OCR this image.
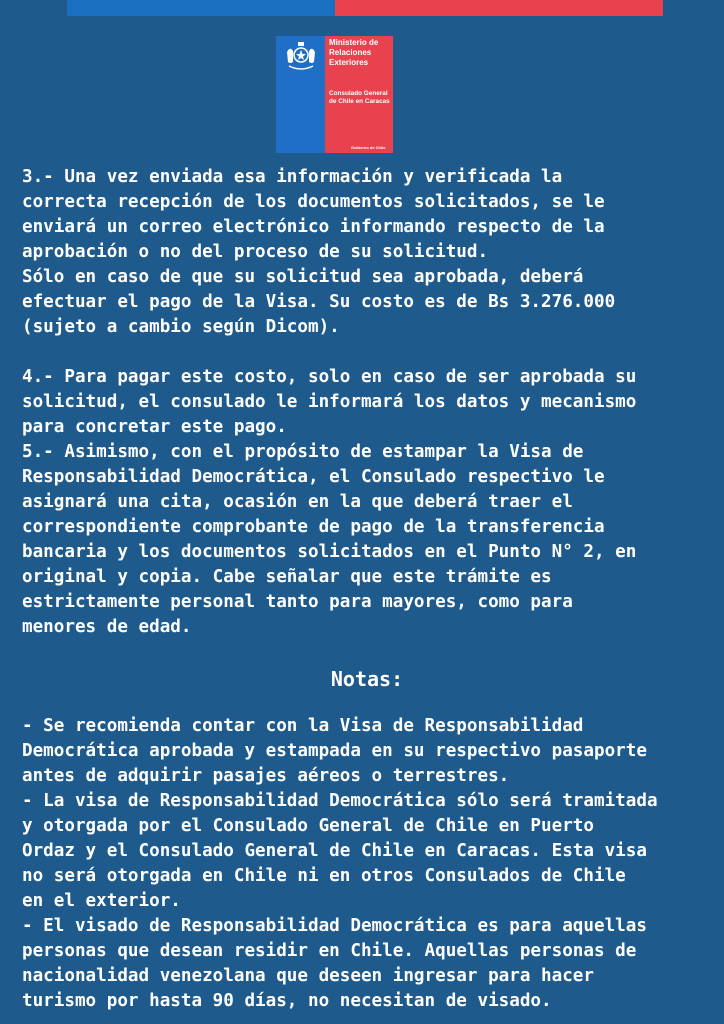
Ministerio de
Relaciones
Exteriores
Consulado General
de Chile en Caracas
Gobierno de Chile

3.- Una vez enviada esa información y verificada la
correcta recepción de los documentos solicitados, se le
enviará un correo electrónico informando respecto de la
aprobación o no del proceso de su solicitud.
Sólo en caso de que su solicitud sea aprobada, deberá
efectuar el pago de la Visa. Su costo es de Bs 3.276.000
(sujeto a cambio según Dicom).

4.- Para pagar este costo, solo en caso de ser aprobada su
solicitud, el consulado le informará los datos y mecanismo
para concretar este pago.

5.- Asimismo, con el propósito de estampar la Visa de
Responsabilidad Democrática, el Consulado respectivo le
asignará una cita, ocasión en la que deberá traer el
correspondiente comprobante de pago de la transferencia
bancaria y los documentos solicitados en el Punto N° 2, en
original y copia. Cabe señalar que este trámite es
estrictamente personal tanto para mayores, como para
menores de edad.

Notas:

- Se recomienda contar con la Visa de Responsabilidad
Democrática aprobada y estampada en su respectivo pasaporte
antes de adquirir pasajes aéreos o terrestres.

- La visa de Responsabilidad Democrática sólo será tramitada
y otorgada por el Consulado General de Chile en Puerto
Ordaz y el Consulado General de Chile en Caracas. Esta visa
no será otorgada en Chile ni en otros Consulados de Chile
en el exterior.

- El visado de Responsabilidad Democrática es para aquellas
personas que desean residir en Chile. Aquellas personas de
nacionalidad venezolana que deseen ingresar para hacer
turismo por hasta 90 días, no necesitan de visado.
